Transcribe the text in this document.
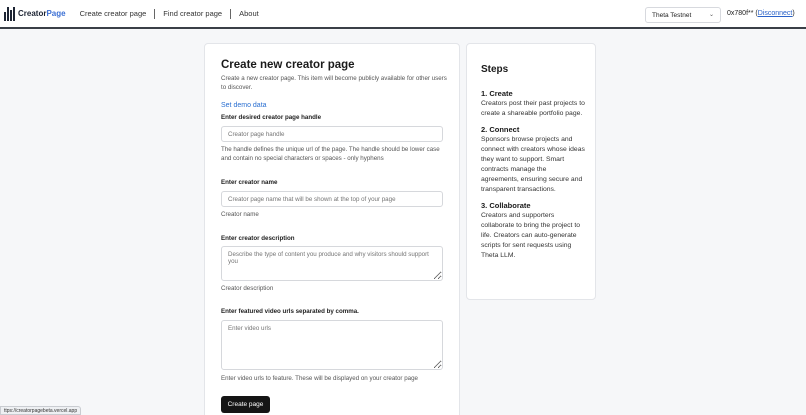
CreatorPage	Create creator page	Find creator page	About	Theta Testnet	⌄ 0x780f** (Disconnect)
Create new creator page

Create a new creator page. This item will become publicly available for other users to discover.

Set demo data
Enter desired creator page handle
Creator page handle

The handle defines the unique url of the page. The handle should be lower case and contain no special characters or spaces - only hyphens

Enter creator name
Creator page name that will be shown at the top of your page

Creator name

Enter creator description
Describe the type of content you produce and why visitors should support you

Creator description

Enter featured video urls separated by comma.
Enter video urls

Enter video urls to feature. These will be displayed on your creator page

Create page
Steps
1. Create
Creators post their past projects to create a shareable portfolio page.
2. Connect
Sponsors browse projects and connect with creators whose ideas they want to support. Smart contracts manage the agreements, ensuring secure and transparent transactions.
3. Collaborate
Creators and supporters collaborate to bring the project to life. Creators can auto-generate scripts for sent requests using Theta LLM.
ttps://creatorpagebeta.vercel.app
